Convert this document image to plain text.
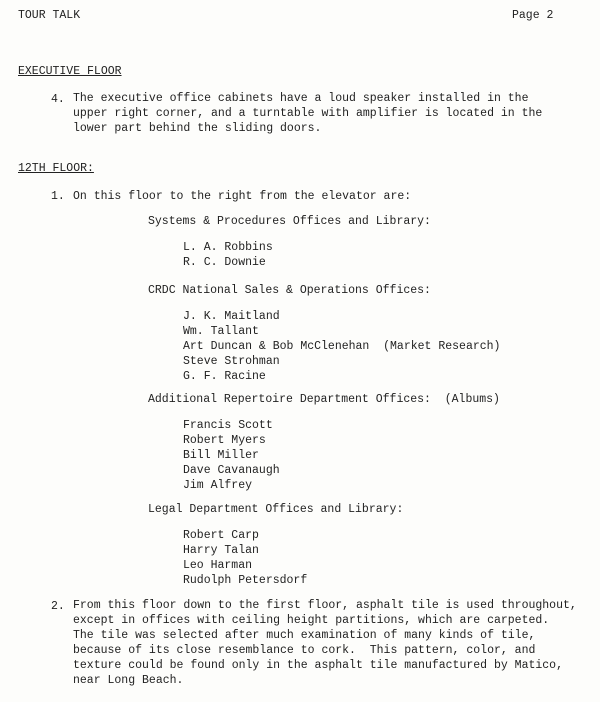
TOUR TALK	Page 2
EXECUTIVE FLOOR
4. The executive office cabinets have a loud speaker installed in the
upper right corner, and a turntable with amplifier is located in the
lower part behind the sliding doors.
12TH FLOOR:
1. On this floor to the right from the elevator are:
Systems & Procedures Offices and Library:
L. A. Robbins
R. C. Downie
CRDC National Sales & Operations Offices:
J. K. Maitland
Wm. Tallant
Art Duncan & Bob McClenehan  (Market Research)
Steve Strohman
G. F. Racine
Additional Repertoire Department Offices:  (Albums)
Francis Scott
Robert Myers
Bill Miller
Dave Cavanaugh
Jim Alfrey
Legal Department Offices and Library:
Robert Carp
Harry Talan
Leo Harman
Rudolph Petersdorf
2. From this floor down to the first floor, asphalt tile is used throughout,
except in offices with ceiling height partitions, which are carpeted.
The tile was selected after much examination of many kinds of tile,
because of its close resemblance to cork.  This pattern, color, and
texture could be found only in the asphalt tile manufactured by Matico,
near Long Beach.
